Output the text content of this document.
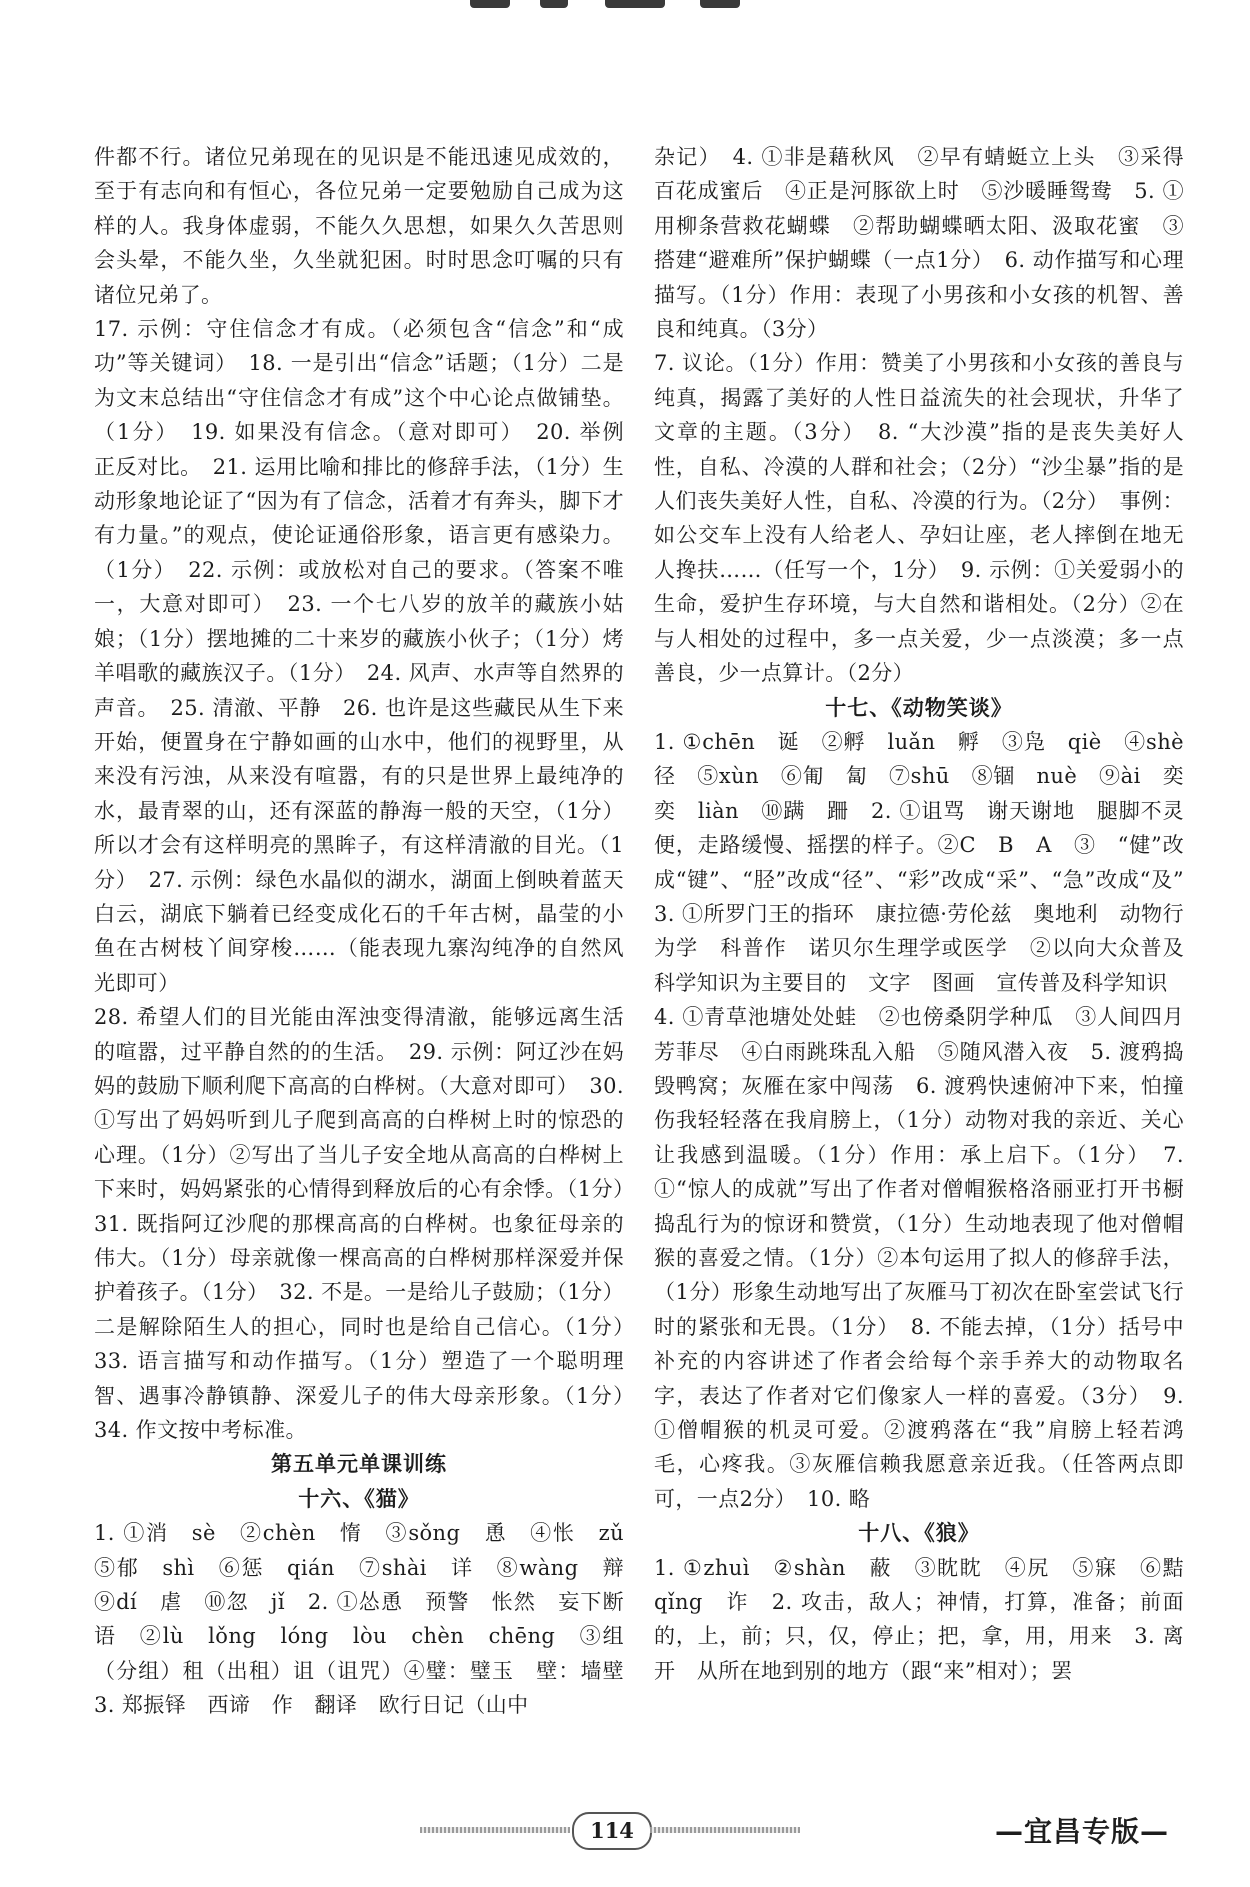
件都不行。诸位兄弟现在的见识是不能迅速见成效的，至于有志向和有恒心，各位兄弟一定要勉励自己成为这样的人。我身体虚弱，不能久久思想，如果久久苦思则会头晕，不能久坐，久坐就犯困。时时思念叮嘱的只有诸位兄弟了。

17. 示例：守住信念才有成。（必须包含“信念”和“成功”等关键词）　18. 一是引出“信念”话题；（1分）二是为文末总结出“守住信念才有成”这个中心论点做铺垫。（1分）　19. 如果没有信念。（意对即可）　20. 举例　正反对比。　21. 运用比喻和排比的修辞手法，（1分）生动形象地论证了“因为有了信念，活着才有奔头，脚下才有力量。”的观点，使论证通俗形象，语言更有感染力。（1分）　22. 示例：或放松对自己的要求。（答案不唯一，大意对即可）　23. 一个七八岁的放羊的藏族小姑娘；（1分）摆地摊的二十来岁的藏族小伙子；（1分）烤羊唱歌的藏族汉子。（1分）　24. 风声、水声等自然界的声音。　25. 清澈、平静　26. 也许是这些藏民从生下来开始，便置身在宁静如画的山水中，他们的视野里，从来没有污浊，从来没有喧嚣，有的只是世界上最纯净的水，最青翠的山，还有深蓝的静海一般的天空，（1分）所以才会有这样明亮的黑眸子，有这样清澈的目光。（1分）　27. 示例：绿色水晶似的湖水，湖面上倒映着蓝天白云，湖底下躺着已经变成化石的千年古树，晶莹的小鱼在古树枝丫间穿梭……（能表现九寨沟纯净的自然风光即可）

28. 希望人们的目光能由浑浊变得清澈，能够远离生活的喧嚣，过平静自然的的生活。　29. 示例：阿辽沙在妈妈的鼓励下顺利爬下高高的白桦树。（大意对即可）　30. ①写出了妈妈听到儿子爬到高高的白桦树上时的惊恐的心理。（1分）②写出了当儿子安全地从高高的白桦树上下来时，妈妈紧张的心情得到释放后的心有余悸。（1分）　31. 既指阿辽沙爬的那棵高高的白桦树。也象征母亲的伟大。（1分）母亲就像一棵高高的白桦树那样深爱并保护着孩子。（1分）　32. 不是。一是给儿子鼓励；（1分）二是解除陌生人的担心，同时也是给自己信心。（1分）　33. 语言描写和动作描写。（1分）塑造了一个聪明理智、遇事冷静镇静、深爱儿子的伟大母亲形象。（1分）　34. 作文按中考标准。

第五单元单课训练

十六、《猫》

1. ①消　sè　②chèn　惰　③sǒng　恿　④怅　zǔ　⑤郁　shì　⑥惩　qián　⑦shài　详　⑧wàng　辩　⑨dí　虐　⑩忽　jǐ　2. ①怂恿　预警　怅然　妄下断语　②lù　lǒng　lóng　lòu　chèn　chēng　③组（分组）租（出租）诅（诅咒）④璧：璧玉　壁：墙壁　3. 郑振铎　西谛　作　翻译　欧行日记（山中

杂记）　4. ①非是藉秋风　②早有蜻蜓立上头　③采得百花成蜜后　④正是河豚欲上时　⑤沙暖睡鸳鸯　5. ①用柳条营救花蝴蝶　②帮助蝴蝶晒太阳、汲取花蜜　③搭建“避难所”保护蝴蝶（一点1分）　6. 动作描写和心理描写。（1分）作用：表现了小男孩和小女孩的机智、善良和纯真。（3分）

7. 议论。（1分）作用：赞美了小男孩和小女孩的善良与纯真，揭露了美好的人性日益流失的社会现状，升华了文章的主题。（3分）　8. “大沙漠”指的是丧失美好人性，自私、冷漠的人群和社会；（2分）“沙尘暴”指的是人们丧失美好人性，自私、冷漠的行为。（2分）　事例：如公交车上没有人给老人、孕妇让座，老人摔倒在地无人搀扶……（任写一个，1分）　9. 示例：①关爱弱小的生命，爱护生存环境，与大自然和谐相处。（2分）②在与人相处的过程中，多一点关爱，少一点淡漠；多一点善良，少一点算计。（2分）

十七、《动物笑谈》

1. ①chēn　诞　②孵　luǎn　孵　③凫　qiè　④shè　径　⑤xùn　⑥匍　匐　⑦shū　⑧锢　nuè　⑨ài　奕奕　liàn　⑩蹒　跚　2. ①诅骂　谢天谢地　腿脚不灵便，走路缓慢、摇摆的样子。②C　B　A　③　“健”改成“键”、“胫”改成“径”、“彩”改成“采”、“急”改成“及”　3. ①所罗门王的指环　康拉德·劳伦兹　奥地利　动物行为学　科普作　诺贝尔生理学或医学　②以向大众普及科学知识为主要目的　文字　图画　宣传普及科学知识

4. ①青草池塘处处蛙　②也傍桑阴学种瓜　③人间四月芳菲尽　④白雨跳珠乱入船　⑤随风潜入夜　5. 渡鸦捣毁鸭窝；灰雁在家中闯荡　6. 渡鸦快速俯冲下来，怕撞伤我轻轻落在我肩膀上，（1分）动物对我的亲近、关心让我感到温暖。（1分）作用：承上启下。（1分）　7. ①“惊人的成就”写出了作者对僧帽猴格洛丽亚打开书橱捣乱行为的惊讶和赞赏，（1分）生动地表现了他对僧帽猴的喜爱之情。（1分）②本句运用了拟人的修辞手法，（1分）形象生动地写出了灰雁马丁初次在卧室尝试飞行时的紧张和无畏。（1分）　8. 不能去掉，（1分）括号中补充的内容讲述了作者会给每个亲手养大的动物取名字，表达了作者对它们像家人一样的喜爱。（3分）　9. ①僧帽猴的机灵可爱。②渡鸦落在“我”肩膀上轻若鸿毛，心疼我。③灰雁信赖我愿意亲近我。（任答两点即可，一点2分）　10. 略

十八、《狼》

1. ①zhuì　②shàn　蔽　③眈眈　④尻　⑤寐　⑥黠　qǐng　诈　2. 攻击，敌人；神情，打算，准备；前面的，上，前；只，仅，停止；把，拿，用，用来　3. 离开　从所在地到别的地方（跟“来”相对）；罢

114	—宜昌专版—
